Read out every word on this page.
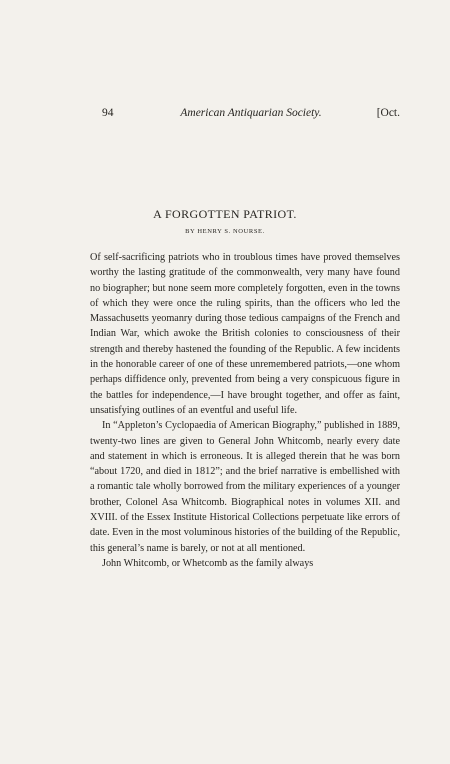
94	American Antiquarian Society.	[Oct.
A FORGOTTEN PATRIOT.
BY HENRY S. NOURSE.

Of self-sacrificing patriots who in troublous times have proved themselves worthy the lasting gratitude of the commonwealth, very many have found no biographer; but none seem more completely forgotten, even in the towns of which they were once the ruling spirits, than the officers who led the Massachusetts yeomanry during those tedious campaigns of the French and Indian War, which awoke the British colonies to consciousness of their strength and thereby hastened the founding of the Republic. A few incidents in the honorable career of one of these unremembered patriots,—one whom perhaps diffidence only, prevented from being a very conspicuous figure in the battles for independence,—I have brought together, and offer as faint, unsatisfying outlines of an eventful and useful life.

In “Appleton’s Cyclopaedia of American Biography,” published in 1889, twenty-two lines are given to General John Whitcomb, nearly every date and statement in which is erroneous. It is alleged therein that he was born “about 1720, and died in 1812”; and the brief narrative is embellished with a romantic tale wholly borrowed from the military experiences of a younger brother, Colonel Asa Whitcomb. Biographical notes in volumes XII. and XVIII. of the Essex Institute Historical Collections perpetuate like errors of date. Even in the most voluminous histories of the building of the Republic, this general’s name is barely, or not at all mentioned.

John Whitcomb, or Whetcomb as the family always
